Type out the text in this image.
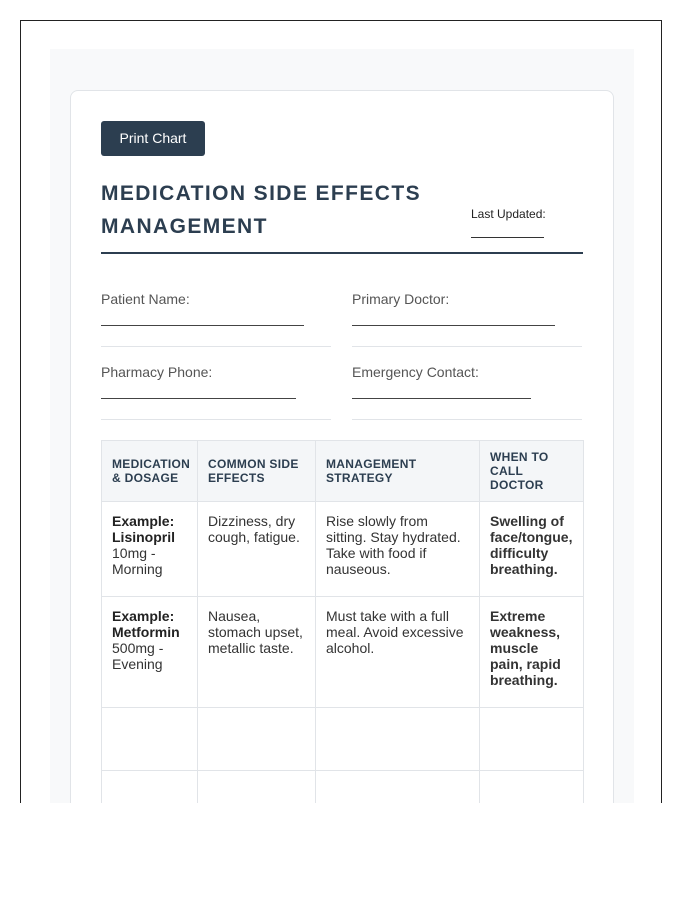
Print Chart
MEDICATION SIDE EFFECTS MANAGEMENT
Last Updated:
Patient Name:	Primary Doctor:
Pharmacy Phone:	Emergency Contact:
MEDICATION & DOSAGE	COMMON SIDE EFFECTS	MANAGEMENT STRATEGY	WHEN TO CALL DOCTOR

Example: Lisinopril
10mg - Morning	Dizziness, dry cough, fatigue.	Rise slowly from sitting. Stay hydrated. Take with food if nauseous.	Swelling of face/tongue, difficulty breathing.

Example: Metformin
500mg - Evening	Nausea, stomach upset, metallic taste.	Must take with a full meal. Avoid excessive alcohol.	Extreme weakness, muscle pain, rapid breathing.
